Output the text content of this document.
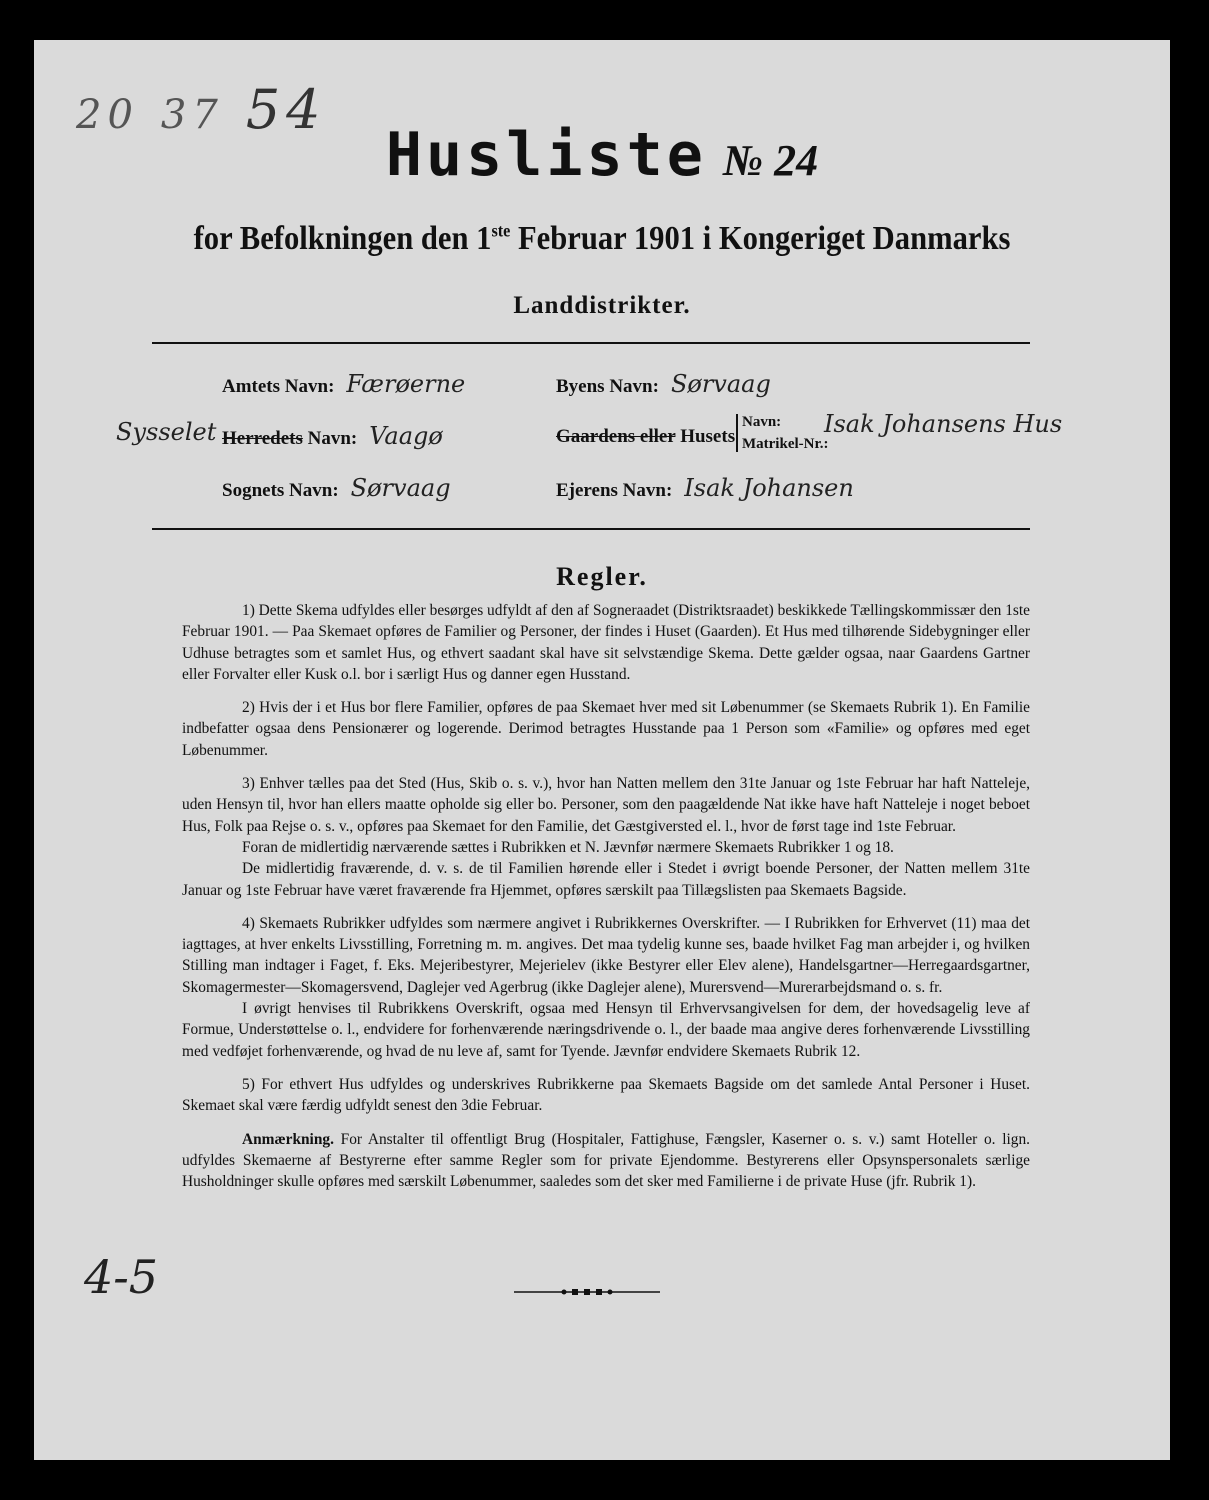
20 37 54
Husliste № 24
for Befolkningen den 1ste Februar 1901 i Kongeriget Danmarks
Landdistrikter.
Amtets Navn: Færøerne
Sysselet Herredets Navn: Vaagø
Sognets Navn: Sørvaag
Byens Navn: Sørvaag
Gaardens eller Husets
Navn:
Matrikel-Nr.:
Isak Johansens Hus
Ejerens Navn: Isak Johansen
Regler.

1) Dette Skema udfyldes eller besørges udfyldt af den af Sogneraadet (Distriktsraadet) beskikkede Tællingskommissær den 1ste Februar 1901. — Paa Skemaet opføres de Familier og Personer, der findes i Huset (Gaarden). Et Hus med tilhørende Sidebygninger eller Udhuse betragtes som et samlet Hus, og ethvert saadant skal have sit selvstændige Skema. Dette gælder ogsaa, naar Gaardens Gartner eller Forvalter eller Kusk o.l. bor i særligt Hus og danner egen Husstand.

2) Hvis der i et Hus bor flere Familier, opføres de paa Skemaet hver med sit Løbenummer (se Skemaets Rubrik 1). En Familie indbefatter ogsaa dens Pensionærer og logerende. Derimod betragtes Husstande paa 1 Person som «Familie» og opføres med eget Løbenummer.

3) Enhver tælles paa det Sted (Hus, Skib o. s. v.), hvor han Natten mellem den 31te Januar og 1ste Februar har haft Natteleje, uden Hensyn til, hvor han ellers maatte opholde sig eller bo. Personer, som den paagældende Nat ikke have haft Natteleje i noget beboet Hus, Folk paa Rejse o. s. v., opføres paa Skemaet for den Familie, det Gæstgiversted el. l., hvor de først tage ind 1ste Februar.

Foran de midlertidig nærværende sættes i Rubrikken et N. Jævnfør nærmere Skemaets Rubrikker 1 og 18.

De midlertidig fraværende, d. v. s. de til Familien hørende eller i Stedet i øvrigt boende Personer, der Natten mellem 31te Januar og 1ste Februar have været fraværende fra Hjemmet, opføres særskilt paa Tillægslisten paa Skemaets Bagside.

4) Skemaets Rubrikker udfyldes som nærmere angivet i Rubrikkernes Overskrifter. — I Rubrikken for Erhvervet (11) maa det iagttages, at hver enkelts Livsstilling, Forretning m. m. angives. Det maa tydelig kunne ses, baade hvilket Fag man arbejder i, og hvilken Stilling man indtager i Faget, f. Eks. Mejeribestyrer, Mejerielev (ikke Bestyrer eller Elev alene), Handelsgartner—Herregaardsgartner, Skomagermester—Skomagersvend, Daglejer ved Agerbrug (ikke Daglejer alene), Murersvend—Murerarbejdsmand o. s. fr.

I øvrigt henvises til Rubrikkens Overskrift, ogsaa med Hensyn til Erhvervsangivelsen for dem, der hovedsagelig leve af Formue, Understøttelse o. l., endvidere for forhenværende næringsdrivende o. l., der baade maa angive deres forhenværende Livsstilling med vedføjet forhenværende, og hvad de nu leve af, samt for Tyende. Jævnfør endvidere Skemaets Rubrik 12.

5) For ethvert Hus udfyldes og underskrives Rubrikkerne paa Skemaets Bagside om det samlede Antal Personer i Huset. Skemaet skal være færdig udfyldt senest den 3die Februar.

Anmærkning. For Anstalter til offentligt Brug (Hospitaler, Fattighuse, Fængsler, Kaserner o. s. v.) samt Hoteller o. lign. udfyldes Skemaerne af Bestyrerne efter samme Regler som for private Ejendomme. Bestyrerens eller Opsynspersonalets særlige Husholdninger skulle opføres med særskilt Løbenummer, saaledes som det sker med Familierne i de private Huse (jfr. Rubrik 1).

4-5
